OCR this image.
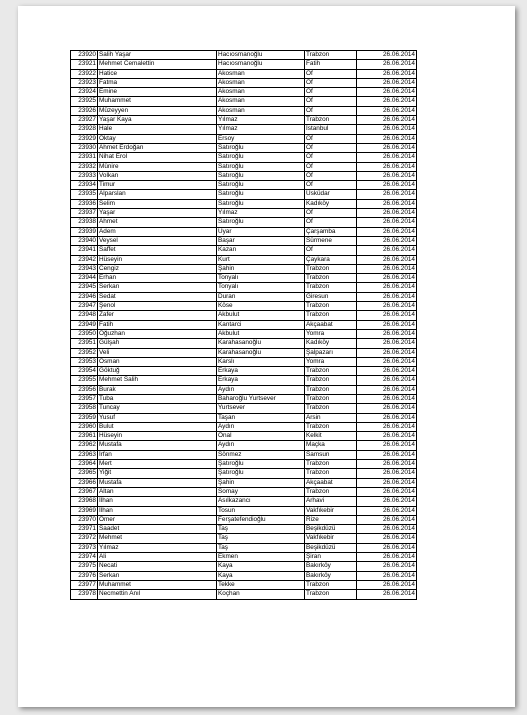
23920	Salih Yaşar	Hacıosmanoğlu	Trabzon	26.06.2014
23921	Mehmet Cemalettin	Hacıosmanoğlu	Fatih	26.06.2014
23922	Hatice	Akosman	Of	26.06.2014
23923	Fatma	Akosman	Of	26.06.2014
23924	Emine	Akosman	Of	26.06.2014
23925	Muhammet	Akosman	Of	26.06.2014
23926	Müzeyyen	Akosman	Of	26.06.2014
23927	Yaşar Kaya	Yılmaz	Trabzon	26.06.2014
23928	Hale	Yılmaz	İstanbul	26.06.2014
23929	Oktay	Ersoy	Of	26.06.2014
23930	Ahmet Erdoğan	Satıroğlu	Of	26.06.2014
23931	Nihat Erol	Satıroğlu	Of	26.06.2014
23932	Münire	Satıroğlu	Of	26.06.2014
23933	Volkan	Satıroğlu	Of	26.06.2014
23934	Timur	Satıroğlu	Of	26.06.2014
23935	Alparslan	Satıroğlu	Üsküdar	26.06.2014
23936	Selim	Satıroğlu	Kadıköy	26.06.2014
23937	Yaşar	Yılmaz	Of	26.06.2014
23938	Ahmet	Satıroğlu	Of	26.06.2014
23939	Adem	Uyar	Çarşamba	26.06.2014
23940	Veysel	Başar	Sürmene	26.06.2014
23941	Saffet	Kazan	Of	26.06.2014
23942	Hüseyin	Kurt	Çaykara	26.06.2014
23943	Cengiz	Şahin	Trabzon	26.06.2014
23944	Erhan	Tonyalı	Trabzon	26.06.2014
23945	Serkan	Tonyalı	Trabzon	26.06.2014
23946	Sedat	Duran	Giresun	26.06.2014
23947	Şenol	Köse	Trabzon	26.06.2014
23948	Zafer	Akbulut	Trabzon	26.06.2014
23949	Fatih	Kantarci	Akçaabat	26.06.2014
23950	Oğuzhan	Akbulut	Yomra	26.06.2014
23951	Gülşah	Karahasanoğlu	Kadıköy	26.06.2014
23952	Veli	Karahasanoğlu	Şalpazarı	26.06.2014
23953	Osman	Karslı	Yomra	26.06.2014
23954	Göktuğ	Erkaya	Trabzon	26.06.2014
23955	Mehmet Salih	Erkaya	Trabzon	26.06.2014
23956	Burak	Aydın	Trabzon	26.06.2014
23957	Tuba	Baharoğlu Yurtsever	Trabzon	26.06.2014
23958	Tuncay	Yurtsever	Trabzon	26.06.2014
23959	Yusuf	Taşan	Arsin	26.06.2014
23960	Bulut	Aydın	Trabzon	26.06.2014
23961	Hüseyin	Önal	Kelkit	26.06.2014
23962	Mustafa	Aydın	Maçka	26.06.2014
23963	İrfan	Sönmez	Samsun	26.06.2014
23964	Mert	Şatıroğlu	Trabzon	26.06.2014
23965	Yiğit	Şatıroğlu	Trabzon	26.06.2014
23966	Mustafa	Şahin	Akçaabat	26.06.2014
23967	Altan	Somay	Trabzon	26.06.2014
23968	İlhan	Asılkazancı	Arhavi	26.06.2014
23969	İlhan	Tosun	Vakfıkebir	26.06.2014
23970	Ömer	Ferşatefendioğlu	Rize	26.06.2014
23971	Saadet	Taş	Beşikdüzü	26.06.2014
23972	Mehmet	Taş	Vakfıkebir	26.06.2014
23973	Yılmaz	Taş	Beşikdüzü	26.06.2014
23974	Ali	Ekmen	Şiran	26.06.2014
23975	Necati	Kaya	Bakırköy	26.06.2014
23976	Serkan	Kaya	Bakırköy	26.06.2014
23977	Muhammet	Tekke	Trabzon	26.06.2014
23978	Necmettin Anıl	Koçhan	Trabzon	26.06.2014
